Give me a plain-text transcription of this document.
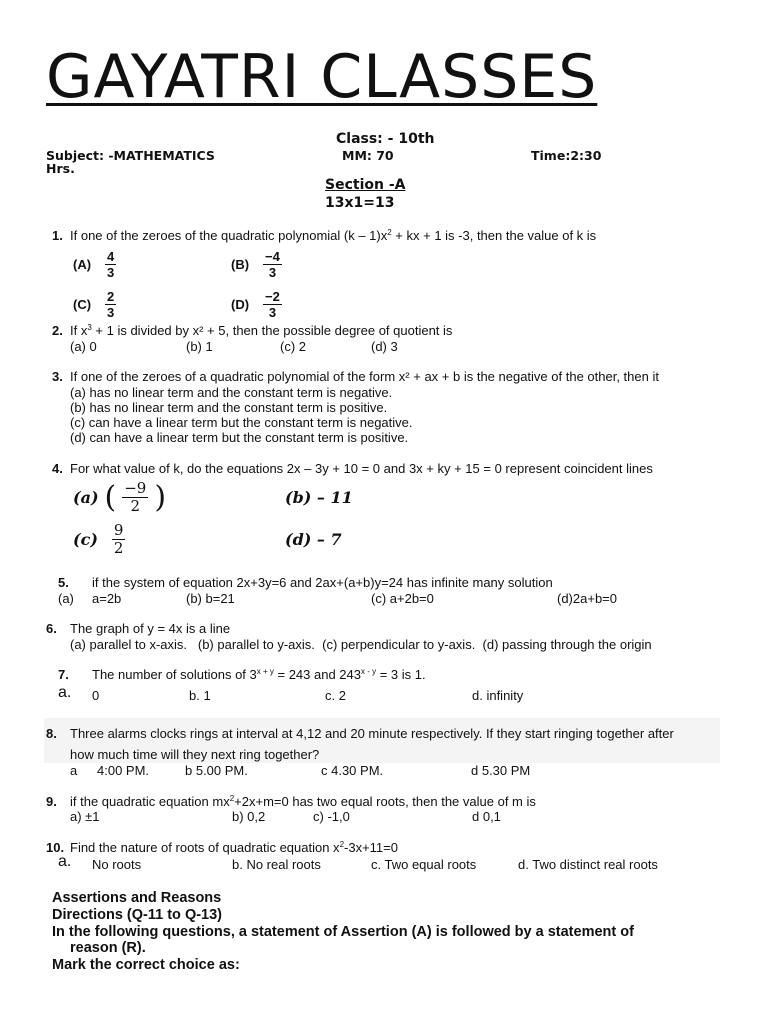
GAYATRI CLASSES
Class: - 10th
Subject: -MATHEMATICS	MM: 70	Time:2:30
Hrs.
Section -A
13x1=13
1. If one of the zeroes of the quadratic polynomial $(k - 1)x^2$ + kx + 1 is -3, then the value of k is
(A)
4
3
(B)
−4
3
(C)
2
3
(D)
−2
3
2. If $x^3 + 1$ is divided by x² + 5, then the possible degree of quotient is
(a) 0	(b) 1	(c) 2	(d) 3
3. If one of the zeroes of a quadratic polynomial of the form x² + ax + b is the negative of the other, then it
(a) has no linear term and the constant term is negative.
(b) has no linear term and the constant term is positive.
(c) can have a linear term but the constant term is negative.
(d) can have a linear term but the constant term is positive.
4. For what value of k, do the equations 2x – 3y + 10 = 0 and 3x + ky + 15 = 0 represent coincident lines
(a) ( −9
2 )	(b) – 11
(c) 9
2	(d) – 7
5. if the system of equation 2x+3y=6 and 2ax+(a+b)y=24 has infinite many solution
(a) a=2b	(b) b=21	(c) a+2b=0	(d)2a+b=0
6. The graph of y = 4x is a line
(a) parallel to x-axis.   (b) parallel to y-axis.  (c) perpendicular to y-axis.  (d) passing through the origin
7. The number of solutions of $3^{x + y} = 243$ and $243^{x - y} = 3$ is 1.
a. 0	b. 1	c. 2	d. infinity
8. Three alarms clocks rings at interval at 4,12 and 20 minute respectively. If they start ringing together after
how much time will they next ring together?
a 4:00 PM.	b 5.00 PM.	c 4.30 PM.	d 5.30 PM
9. if the quadratic equation $mx^2+2x+m=0$ has two equal roots, then the value of m is
a) ±1	b) 0,2	c) -1,0	d 0,1
10. Find the nature of roots of quadratic equation $x^2-3x+11=0$
a. No roots	b. No real roots	c. Two equal roots	d. Two distinct real roots
Assertions and Reasons
Directions (Q-11 to Q-13)
In the following questions, a statement of Assertion (A) is followed by a statement of
reason (R).
Mark the correct choice as:
